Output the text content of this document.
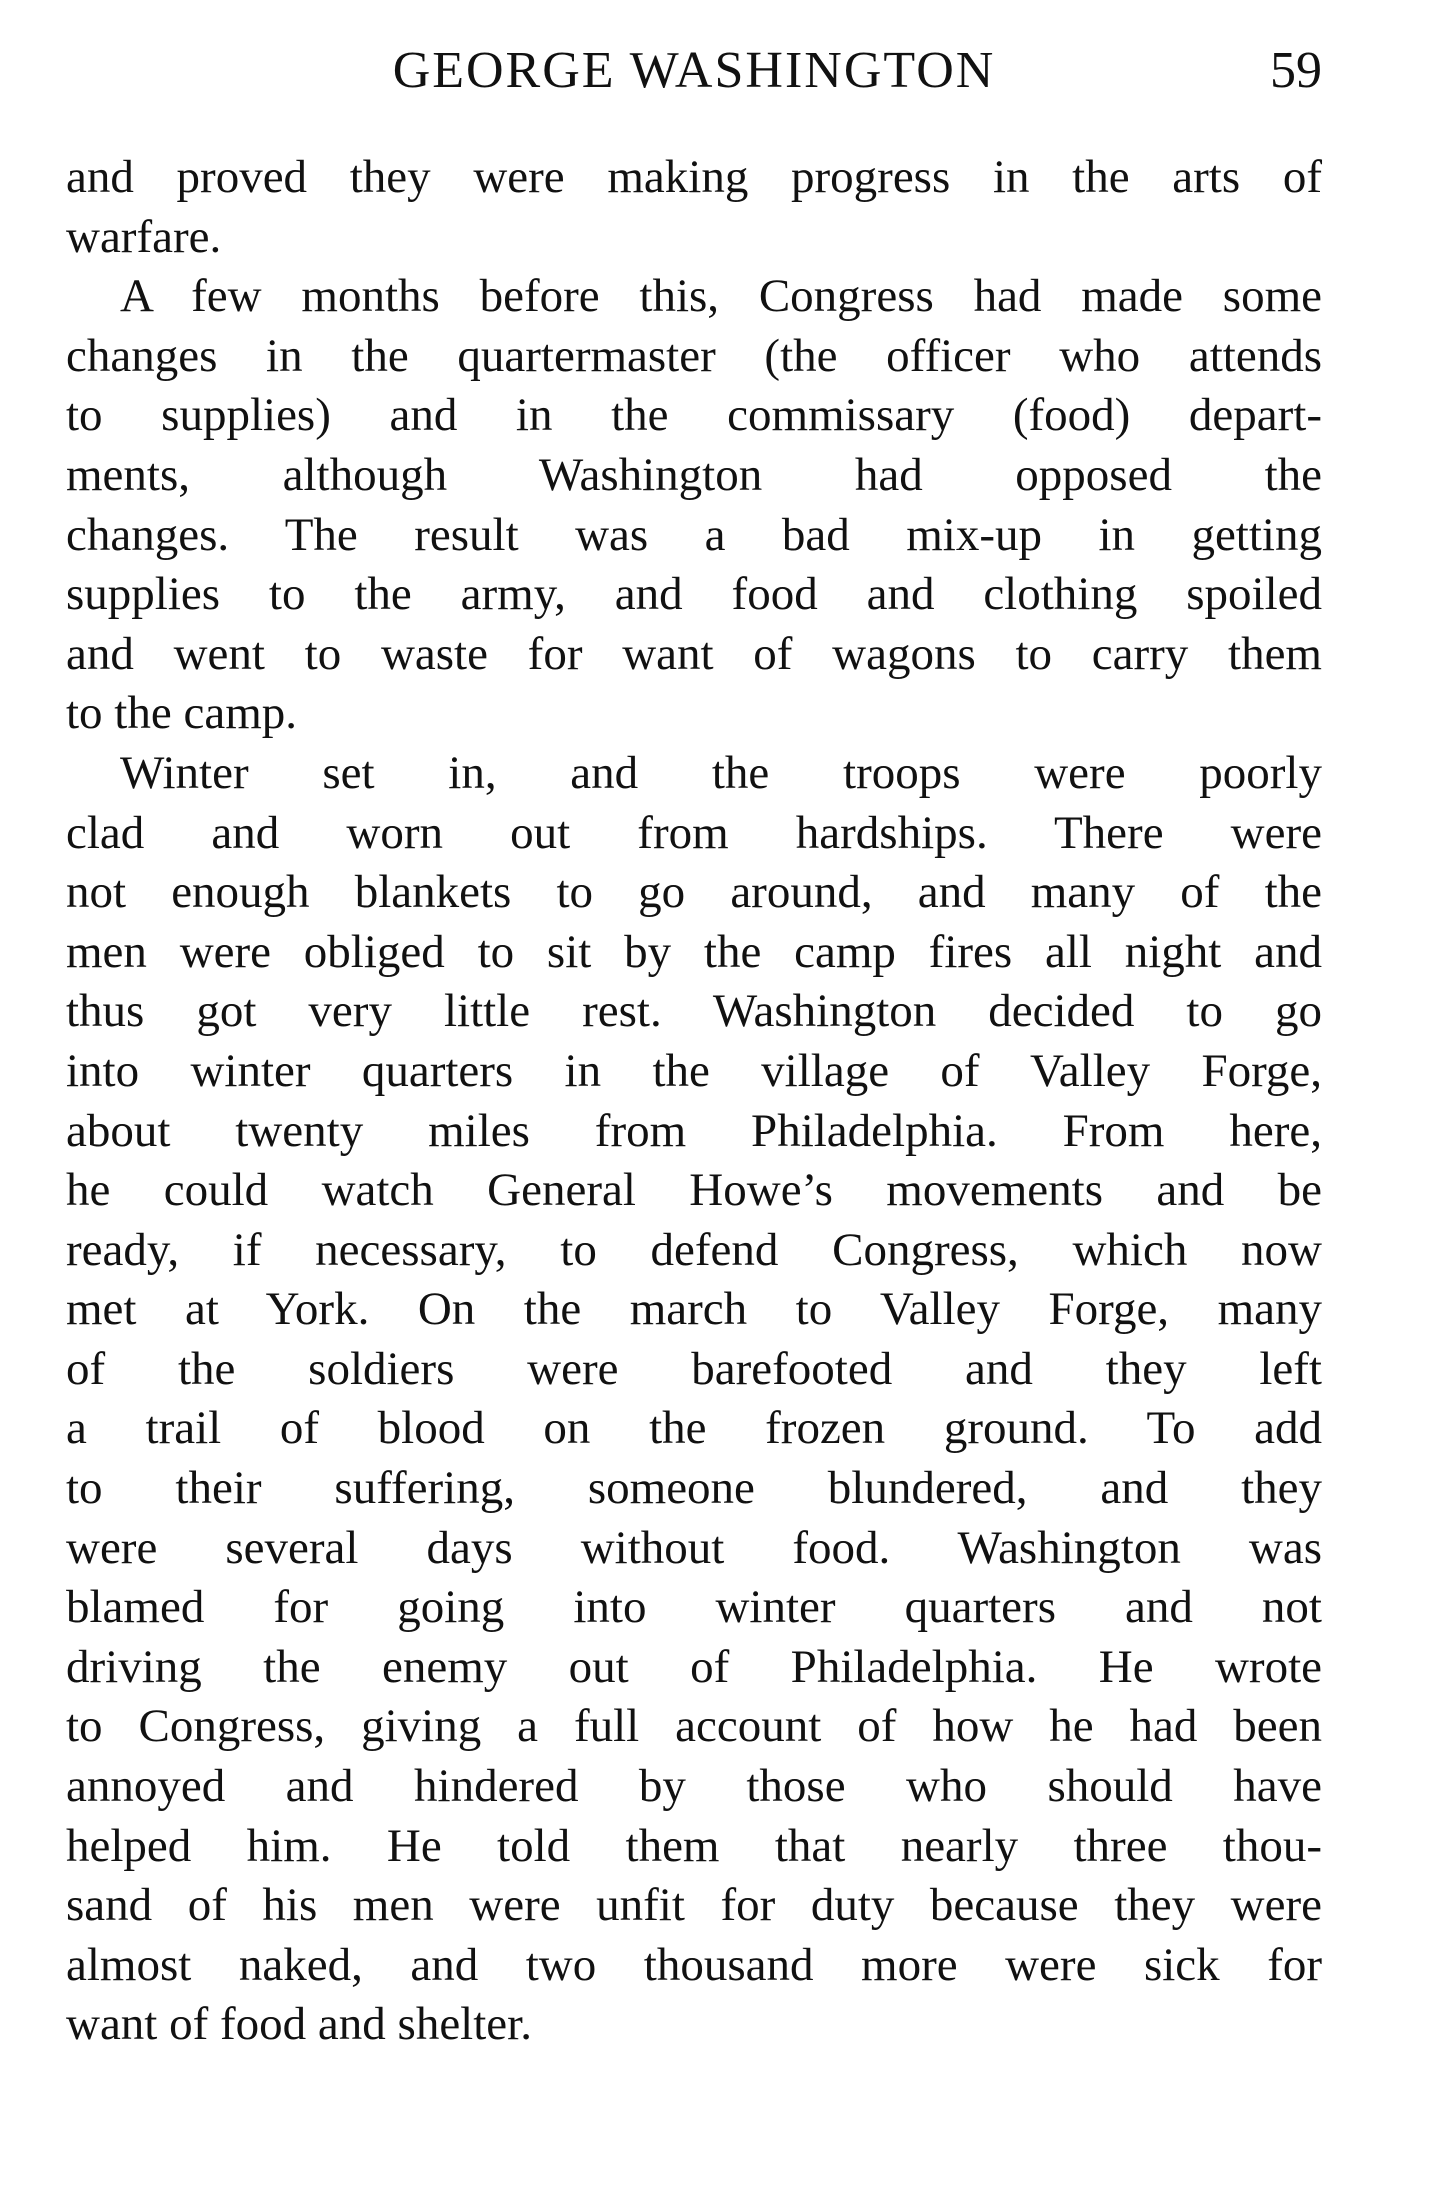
GEORGE WASHINGTON	59
and proved they were making progress in the arts of
warfare.
A few months before this, Congress had made some
changes in the quartermaster (the officer who attends
to supplies) and in the commissary (food) depart-
ments, although Washington had opposed the
changes. The result was a bad mix-up in getting
supplies to the army, and food and clothing spoiled
and went to waste for want of wagons to carry them
to the camp.
Winter set in, and the troops were poorly
clad and worn out from hardships. There were
not enough blankets to go around, and many of the
men were obliged to sit by the camp fires all night and
thus got very little rest. Washington decided to go
into winter quarters in the village of Valley Forge,
about twenty miles from Philadelphia. From here,
he could watch General Howe’s movements and be
ready, if necessary, to defend Congress, which now
met at York. On the march to Valley Forge, many
of the soldiers were barefooted and they left
a trail of blood on the frozen ground. To add
to their suffering, someone blundered, and they
were several days without food. Washington was
blamed for going into winter quarters and not
driving the enemy out of Philadelphia. He wrote
to Congress, giving a full account of how he had been
annoyed and hindered by those who should have
helped him. He told them that nearly three thou-
sand of his men were unfit for duty because they were
almost naked, and two thousand more were sick for
want of food and shelter.
